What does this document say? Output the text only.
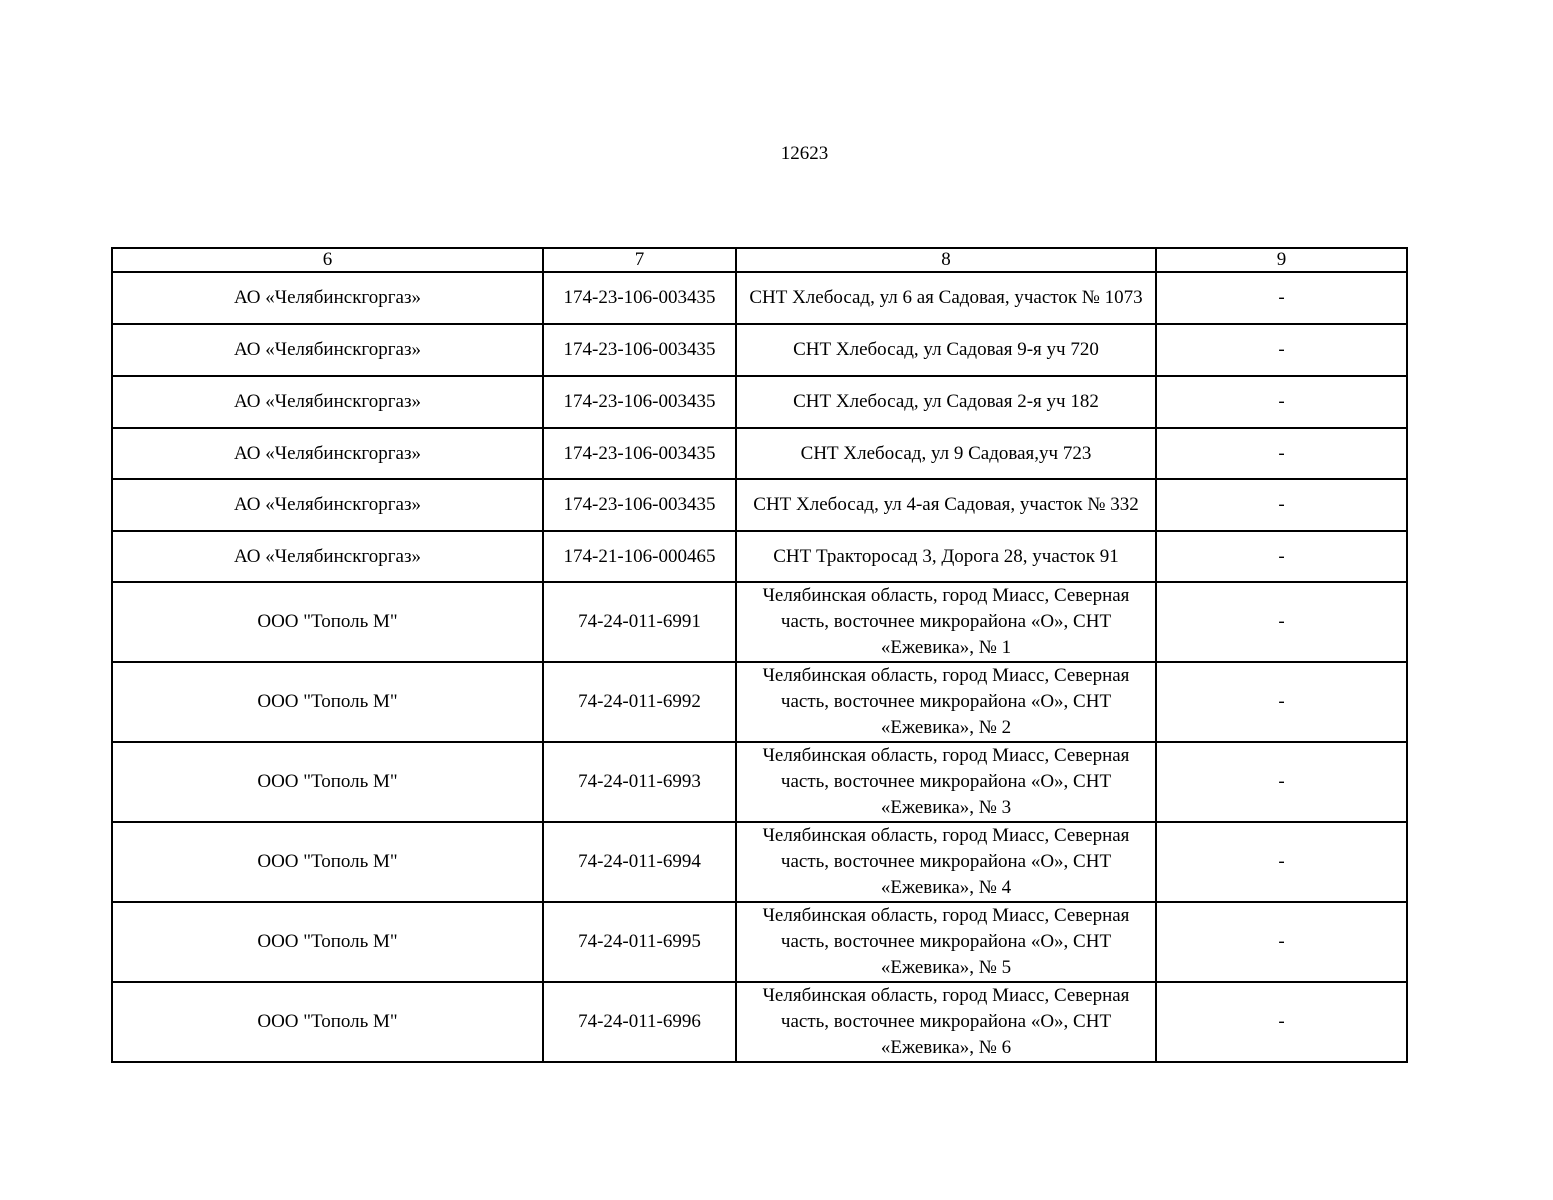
12623
6	7	8	9
АО «Челябинскгоргаз»	174-23-106-003435	СНТ Хлебосад, ул 6 ая Садовая, участок № 1073	-
АО «Челябинскгоргаз»	174-23-106-003435	СНТ Хлебосад, ул Садовая 9-я уч 720	-
АО «Челябинскгоргаз»	174-23-106-003435	СНТ Хлебосад, ул Садовая 2-я уч 182	-
АО «Челябинскгоргаз»	174-23-106-003435	СНТ Хлебосад, ул 9 Садовая,уч 723	-
АО «Челябинскгоргаз»	174-23-106-003435	СНТ Хлебосад, ул 4-ая Садовая, участок № 332	-
АО «Челябинскгоргаз»	174-21-106-000465	СНТ Тракторосад 3, Дорога 28, участок 91	-
ООО "Тополь М"	74-24-011-6991	Челябинская область, город Миасс, Северная часть, восточнее микрорайона «О», СНТ «Ежевика», № 1	-
ООО "Тополь М"	74-24-011-6992	Челябинская область, город Миасс, Северная часть, восточнее микрорайона «О», СНТ «Ежевика», № 2	-
ООО "Тополь М"	74-24-011-6993	Челябинская область, город Миасс, Северная часть, восточнее микрорайона «О», СНТ «Ежевика», № 3	-
ООО "Тополь М"	74-24-011-6994	Челябинская область, город Миасс, Северная часть, восточнее микрорайона «О», СНТ «Ежевика», № 4	-
ООО "Тополь М"	74-24-011-6995	Челябинская область, город Миасс, Северная часть, восточнее микрорайона «О», СНТ «Ежевика», № 5	-
ООО "Тополь М"	74-24-011-6996	Челябинская область, город Миасс, Северная часть, восточнее микрорайона «О», СНТ «Ежевика», № 6	-
